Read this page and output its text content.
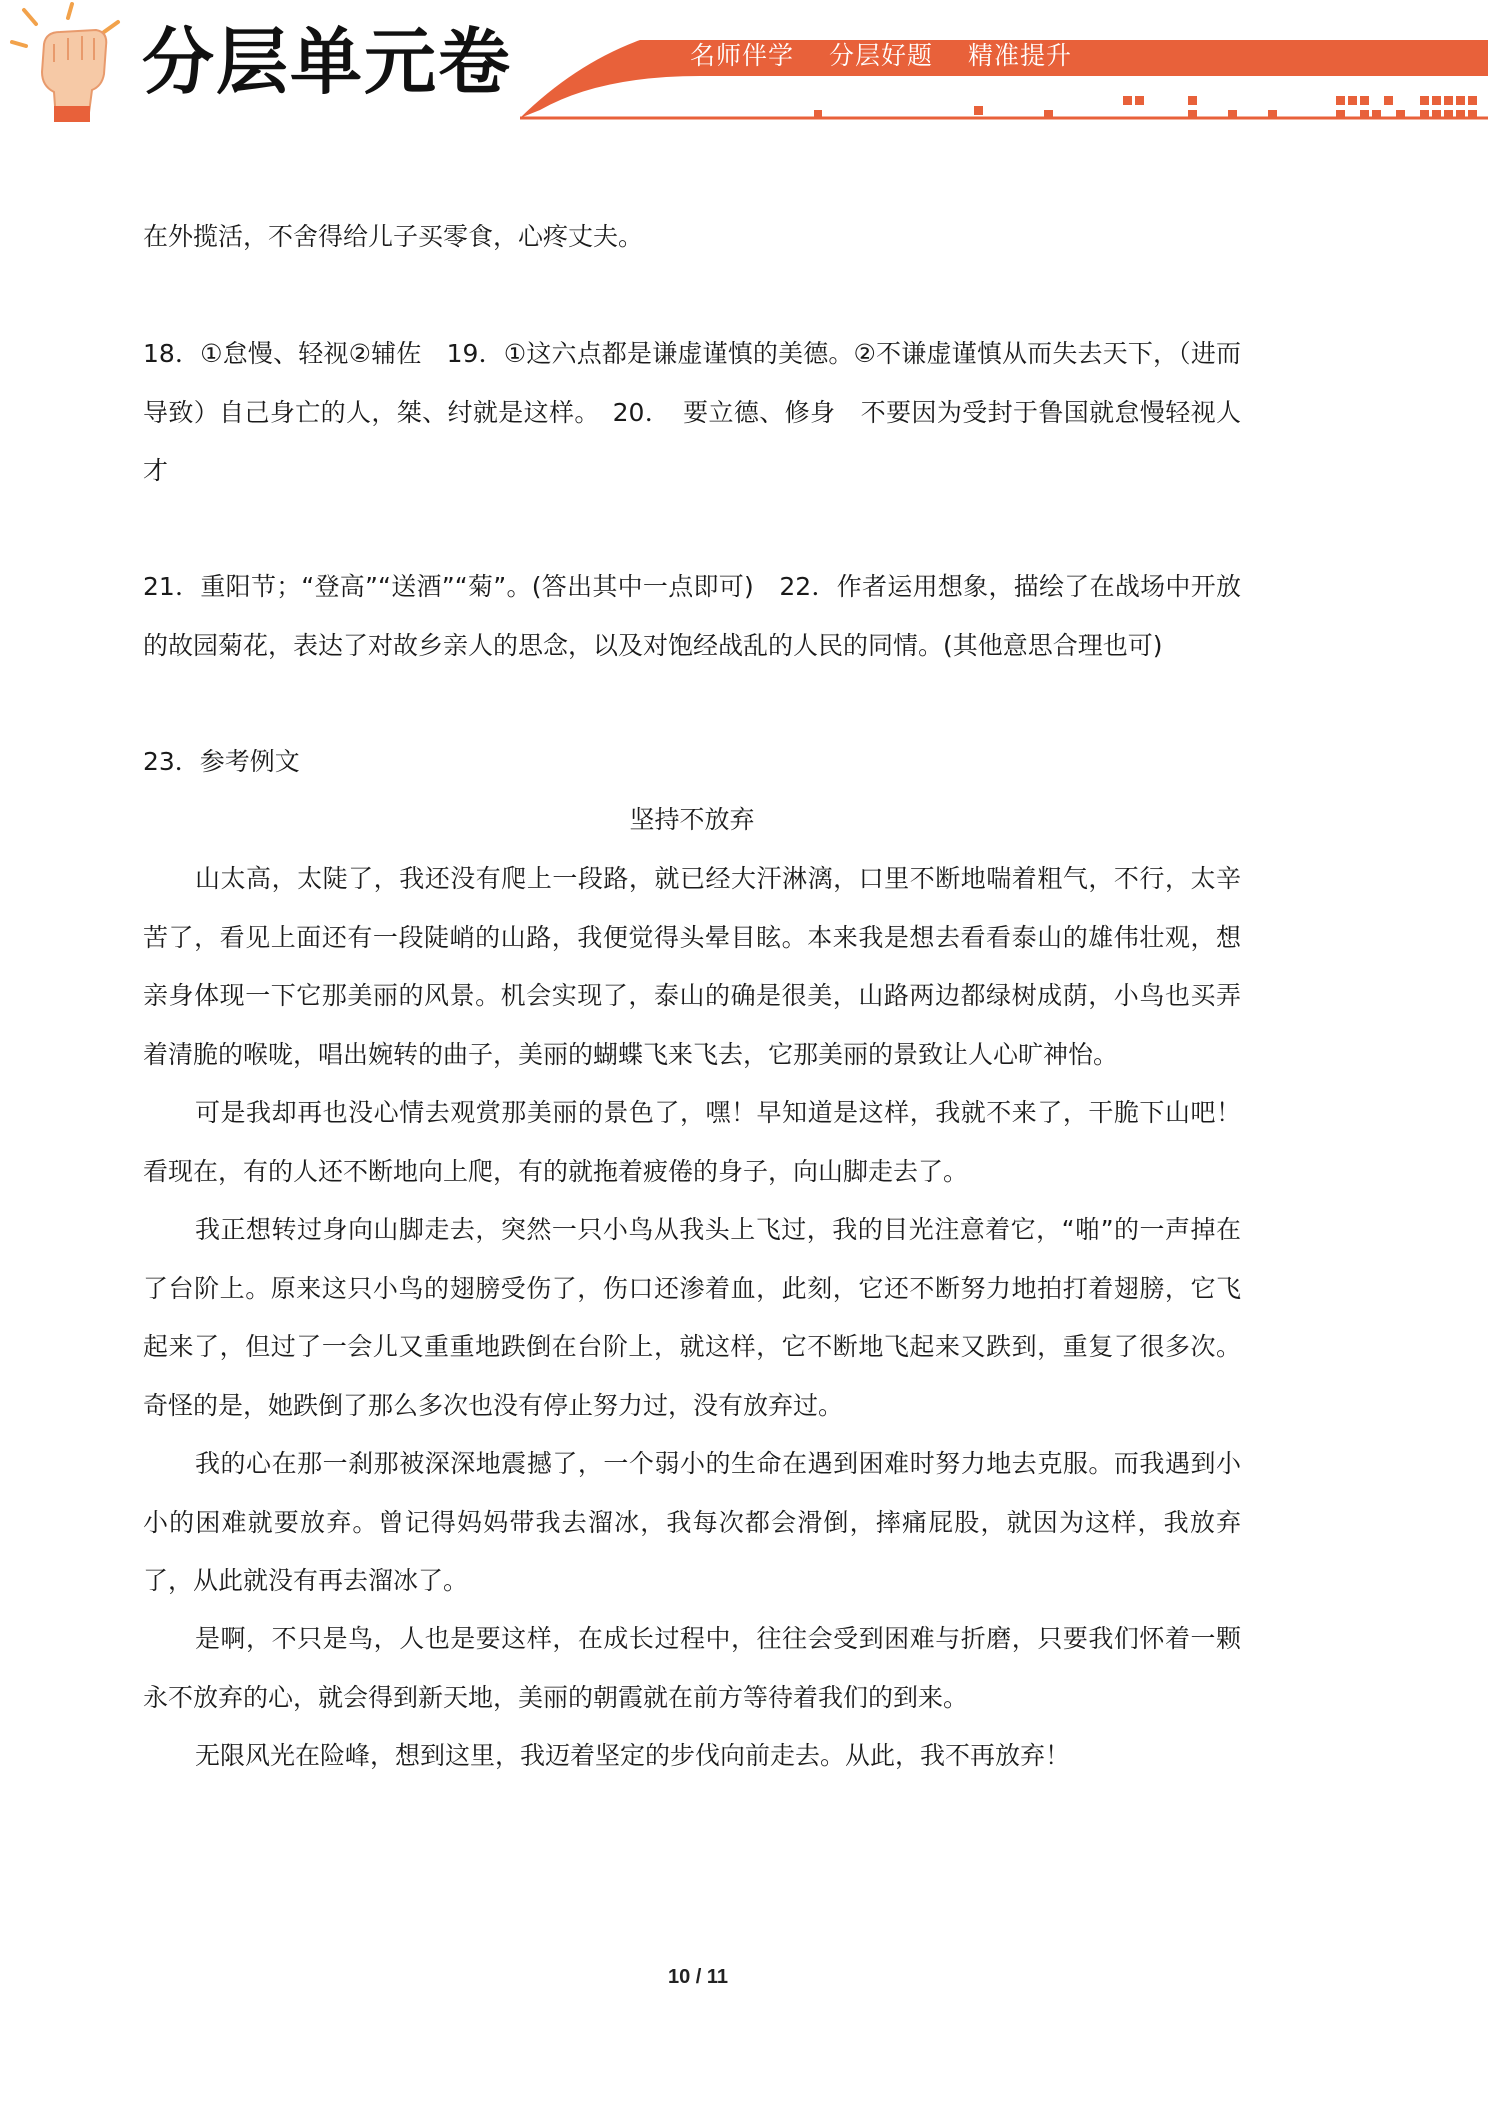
分层单元卷	名师伴学 分层好题 精准提升
在外揽活，不舍得给儿子买零食，心疼丈夫。
18．①怠慢、轻视②辅佐　19．①这六点都是谦虚谨慎的美德。②不谦虚谨慎从而失去天下，（进而导致）自己身亡的人，桀、纣就是这样。　20．　要立德、修身　不要因为受封于鲁国就怠慢轻视人才
21．重阳节；“登高”“送酒”“菊”。(答出其中一点即可)　22．作者运用想象，描绘了在战场中开放的故园菊花，表达了对故乡亲人的思念，以及对饱经战乱的人民的同情。(其他意思合理也可)
23．参考例文
坚持不放弃
山太高，太陡了，我还没有爬上一段路，就已经大汗淋漓，口里不断地喘着粗气，不行，太辛苦了，看见上面还有一段陡峭的山路，我便觉得头晕目眩。本来我是想去看看泰山的雄伟壮观，想亲身体现一下它那美丽的风景。机会实现了，泰山的确是很美，山路两边都绿树成荫，小鸟也买弄着清脆的喉咙，唱出婉转的曲子，美丽的蝴蝶飞来飞去，它那美丽的景致让人心旷神怡。
可是我却再也没心情去观赏那美丽的景色了，嘿！早知道是这样，我就不来了，干脆下山吧！看现在，有的人还不断地向上爬，有的就拖着疲倦的身子，向山脚走去了。
我正想转过身向山脚走去，突然一只小鸟从我头上飞过，我的目光注意着它，“啪”的一声掉在了台阶上。原来这只小鸟的翅膀受伤了，伤口还渗着血，此刻，它还不断努力地拍打着翅膀，它飞起来了，但过了一会儿又重重地跌倒在台阶上，就这样，它不断地飞起来又跌到，重复了很多次。奇怪的是，她跌倒了那么多次也没有停止努力过，没有放弃过。
我的心在那一刹那被深深地震撼了，一个弱小的生命在遇到困难时努力地去克服。而我遇到小小的困难就要放弃。曾记得妈妈带我去溜冰，我每次都会滑倒，摔痛屁股，就因为这样，我放弃了，从此就没有再去溜冰了。
是啊，不只是鸟，人也是要这样，在成长过程中，往往会受到困难与折磨，只要我们怀着一颗永不放弃的心，就会得到新天地，美丽的朝霞就在前方等待着我们的到来。
无限风光在险峰，想到这里，我迈着坚定的步伐向前走去。从此，我不再放弃！
10 / 11
